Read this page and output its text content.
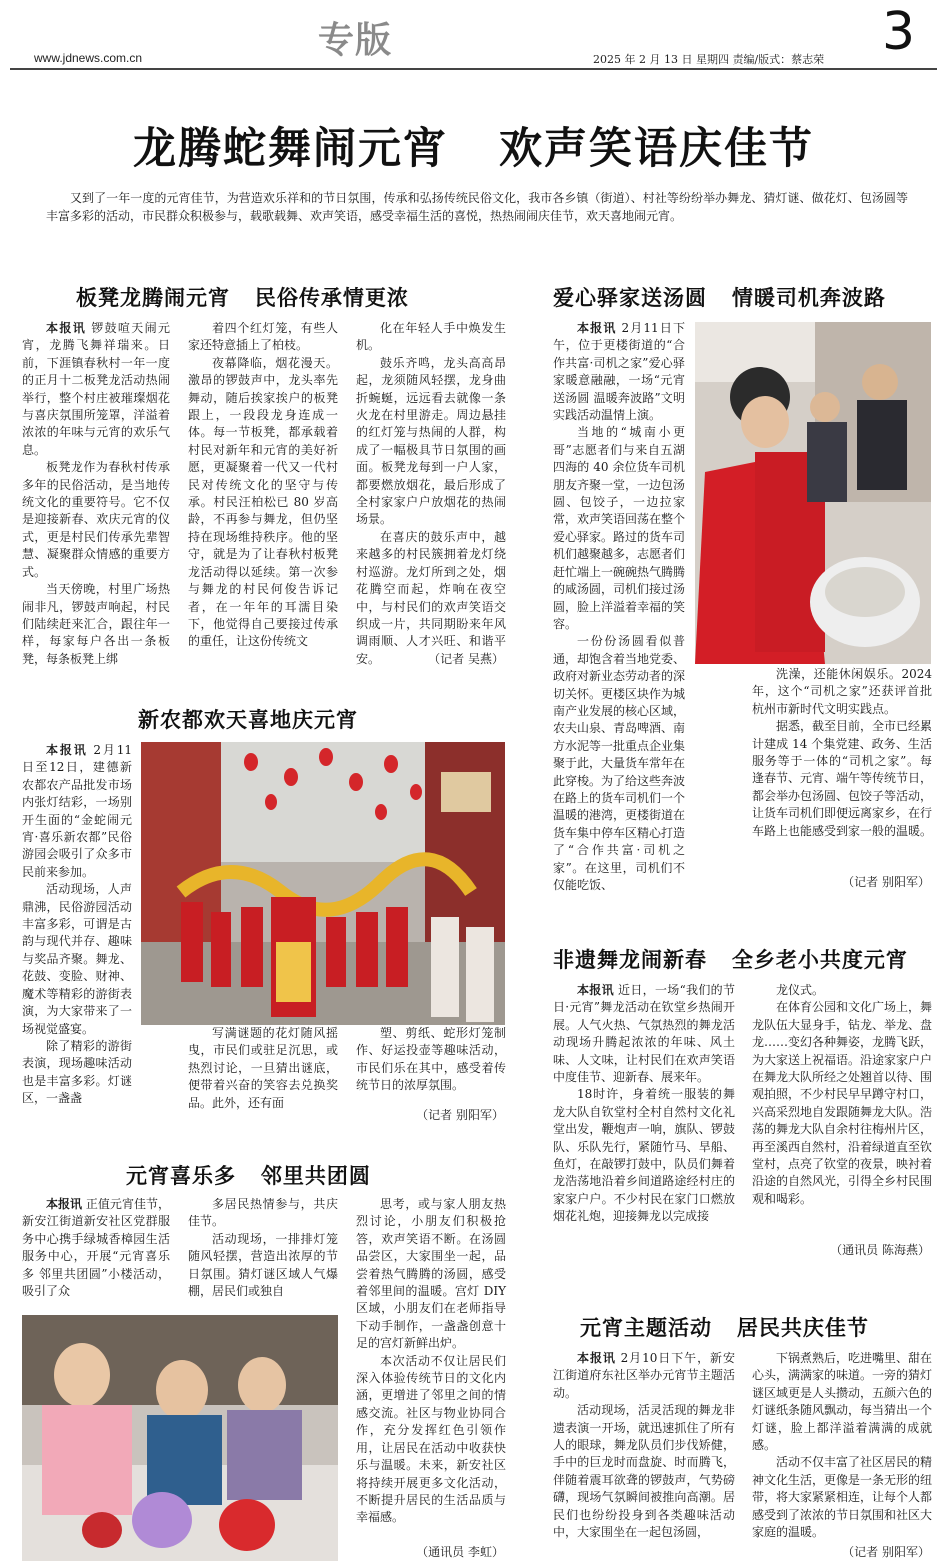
www.jdnews.com.cn	专版	2025 年 2 月 13 日 星期四 责编/版式：蔡志荣 3
龙腾蛇舞闹元宵   欢声笑语庆佳节
又到了一年一度的元宵佳节，为营造欢乐祥和的节日氛围，传承和弘扬传统民俗文化，我市各乡镇（街道）、村社等纷纷举办舞龙、猜灯谜、做花灯、包汤圆等丰富多彩的活动，市民群众积极参与，载歌载舞、欢声笑语，感受幸福生活的喜悦，热热闹闹庆佳节，欢天喜地闹元宵。
板凳龙腾闹元宵   民俗传承情更浓

本报讯 锣鼓喧天闹元宵，龙腾飞舞祥瑞来。日前，下涯镇春秋村一年一度的正月十二板凳龙活动热闹举行，整个村庄被璀璨烟花与喜庆氛围所笼罩，洋溢着浓浓的年味与元宵的欢乐气息。

板凳龙作为春秋村传承多年的民俗活动，是当地传统文化的重要符号。它不仅是迎接新春、欢庆元宵的仪式，更是村民们传承先辈智慧、凝聚群众情感的重要方式。

当天傍晚，村里广场热闹非凡，锣鼓声响起，村民们陆续赶来汇合，跟往年一样，每家每户各出一条板凳，每条板凳上绑

着四个红灯笼，有些人家还特意插上了柏枝。

夜幕降临，烟花漫天。激昂的锣鼓声中，龙头率先舞动，随后挨家挨户的板凳跟上，一段段龙身连成一体。每一节板凳，都承载着村民对新年和元宵的美好祈愿，更凝聚着一代又一代村民对传统文化的坚守与传承。村民汪柏松已 80 岁高龄，不再参与舞龙，但仍坚持在现场维持秩序。他的坚守，就是为了让春秋村板凳龙活动得以延续。第一次参与舞龙的村民何俊告诉记者，在一年年的耳濡目染下，他觉得自己要接过传承的重任，让这份传统文

化在年轻人手中焕发生机。

鼓乐齐鸣，龙头高高昂起，龙须随风轻摆，龙身曲折蜿蜒，远远看去就像一条火龙在村里游走。周边悬挂的红灯笼与热闹的人群，构成了一幅极具节日氛围的画面。板凳龙每到一户人家，都要燃放烟花，最后形成了全村家家户户放烟花的热闹场景。

在喜庆的鼓乐声中，越来越多的村民簇拥着龙灯绕村巡游。龙灯所到之处，烟花腾空而起，炸响在夜空中，与村民们的欢声笑语交织成一片，共同期盼来年风调雨顺、人才兴旺、和谐平安。	（记者 吴燕）
新农都欢天喜地庆元宵

本报讯 2月11日至12日，建德新农都农产品批发市场内张灯结彩，一场别开生面的“金蛇闹元宵·喜乐新农都”民俗游园会吸引了众多市民前来参加。

活动现场，人声鼎沸，民俗游园活动丰富多彩，可谓是古韵与现代并存、趣味与奖品齐聚。舞龙、花鼓、变脸、财神、魔术等精彩的游街表演，为大家带来了一场视觉盛宴。

除了精彩的游街表演，现场趣味活动也是丰富多彩。灯谜区，一盏盏

写满谜题的花灯随风摇曳，市民们或驻足沉思，或热烈讨论，一旦猜出谜底，便带着兴奋的笑容去兑换奖品。此外，还有面

塑、剪纸、蛇形灯笼制作、好运投壶等趣味活动，市民们乐在其中，感受着传统节日的浓厚氛围。

（记者 别阳军）
元宵喜乐多   邻里共团圆

本报讯 正值元宵佳节，新安江街道新安社区党群服务中心携手绿城香樟园生活服务中心，开展“元宵喜乐多 邻里共团圆”小楼活动，吸引了众

多居民热情参与，共庆佳节。

活动现场，一排排灯笼随风轻摆，营造出浓厚的节日氛围。猜灯谜区域人气爆棚，居民们或独自

思考，或与家人朋友热烈讨论，小朋友们积极抢答，欢声笑语不断。在汤圆品尝区，大家围坐一起，品尝着热气腾腾的汤圆，感受着邻里间的温暖。宫灯 DIY 区域，小朋友们在老师指导下动手制作，一盏盏创意十足的宫灯新鲜出炉。

本次活动不仅让居民们深入体验传统节日的文化内涵，更增进了邻里之间的情感交流。社区与物业协同合作，充分发挥红色引领作用，让居民在活动中收获快乐与温暖。未来，新安社区将持续开展更多文化活动，不断提升居民的生活品质与幸福感。

（通讯员 李虹）
爱心驿家送汤圆   情暖司机奔波路

本报讯 2月11日下午，位于更楼街道的“合作共富·司机之家”爱心驿家暖意融融，一场“元宵送汤圆 温暖奔波路”文明实践活动温情上演。

当地的“城南小更哥”志愿者们与来自五湖四海的 40 余位货车司机朋友齐聚一堂，一边包汤圆、包饺子，一边拉家常，欢声笑语回荡在整个爱心驿家。路过的货车司机们越聚越多，志愿者们赶忙端上一碗碗热气腾腾的咸汤圆，司机们接过汤圆，脸上洋溢着幸福的笑容。

一份份汤圆看似普通，却饱含着当地党委、政府对新业态劳动者的深切关怀。更楼区块作为城南产业发展的核心区域，农夫山泉、青岛啤酒、南方水泥等一批重点企业集聚于此，大量货车常年在此穿梭。为了给这些奔波在路上的货车司机们一个温暖的港湾，更楼街道在货车集中停车区精心打造了“合作共富·司机之家”。在这里，司机们不仅能吃饭、

洗澡，还能休闲娱乐。2024年，这个“司机之家”还获评首批杭州市新时代文明实践点。

据悉，截至目前，全市已经累计建成 14 个集党建、政务、生活服务等于一体的“司机之家”。每逢春节、元宵、端午等传统节日，都会举办包汤圆、包饺子等活动，让货车司机们即便远离家乡，在行车路上也能感受到家一般的温暖。

（记者 别阳军）
非遗舞龙闹新春   全乡老小共度元宵

本报讯 近日，一场“我们的节日·元宵”舞龙活动在钦堂乡热闹开展。人气火热、气氛热烈的舞龙活动现场升腾起浓浓的年味、风土味、人文味，让村民们在欢声笑语中度佳节、迎新春、展来年。

18时许，身着统一服装的舞龙大队自钦堂村全村自然村文化礼堂出发，鞭炮声一响，旗队、锣鼓队、乐队先行，紧随竹马、旱船、鱼灯，在敲锣打鼓中，队员们舞着龙浩荡地沿着乡间道路途经村庄的家家户户。不少村民在家门口燃放烟花礼炮，迎接舞龙以完成接

龙仪式。

在体育公园和文化广场上，舞龙队伍大显身手，钻龙、举龙、盘龙……变幻各种舞姿，龙腾飞跃，为大家送上祝福语。沿途家家户户在舞龙大队所经之处翘首以待、围观拍照，不少村民早早蹲守村口，兴高采烈地自发跟随舞龙大队。浩荡的舞龙大队自余村往梅州片区，再至溪西自然村，沿着绿道直至钦堂村，点亮了钦堂的夜景，映衬着沿途的自然风光，引得全乡村民围观和喝彩。

（通讯员 陈海燕）
元宵主题活动   居民共庆佳节

本报讯 2月10日下午，新安江街道府东社区举办元宵节主题活动。

活动现场，活灵活现的舞龙非遗表演一开场，就迅速抓住了所有人的眼球，舞龙队员们步伐矫健，手中的巨龙时而盘旋、时而腾飞，伴随着震耳欲聋的锣鼓声，气势磅礴，现场气氛瞬间被推向高潮。居民们也纷纷投身到各类趣味活动中，大家围坐在一起包汤圆，

下锅煮熟后，吃进嘴里、甜在心头，满满家的味道。一旁的猜灯谜区域更是人头攒动，五颜六色的灯谜纸条随风飘动，每当猜出一个灯谜，脸上都洋溢着满满的成就感。

活动不仅丰富了社区居民的精神文化生活，更像是一条无形的纽带，将大家紧紧相连，让每个人都感受到了浓浓的节日氛围和社区大家庭的温暖。

（记者 别阳军）
